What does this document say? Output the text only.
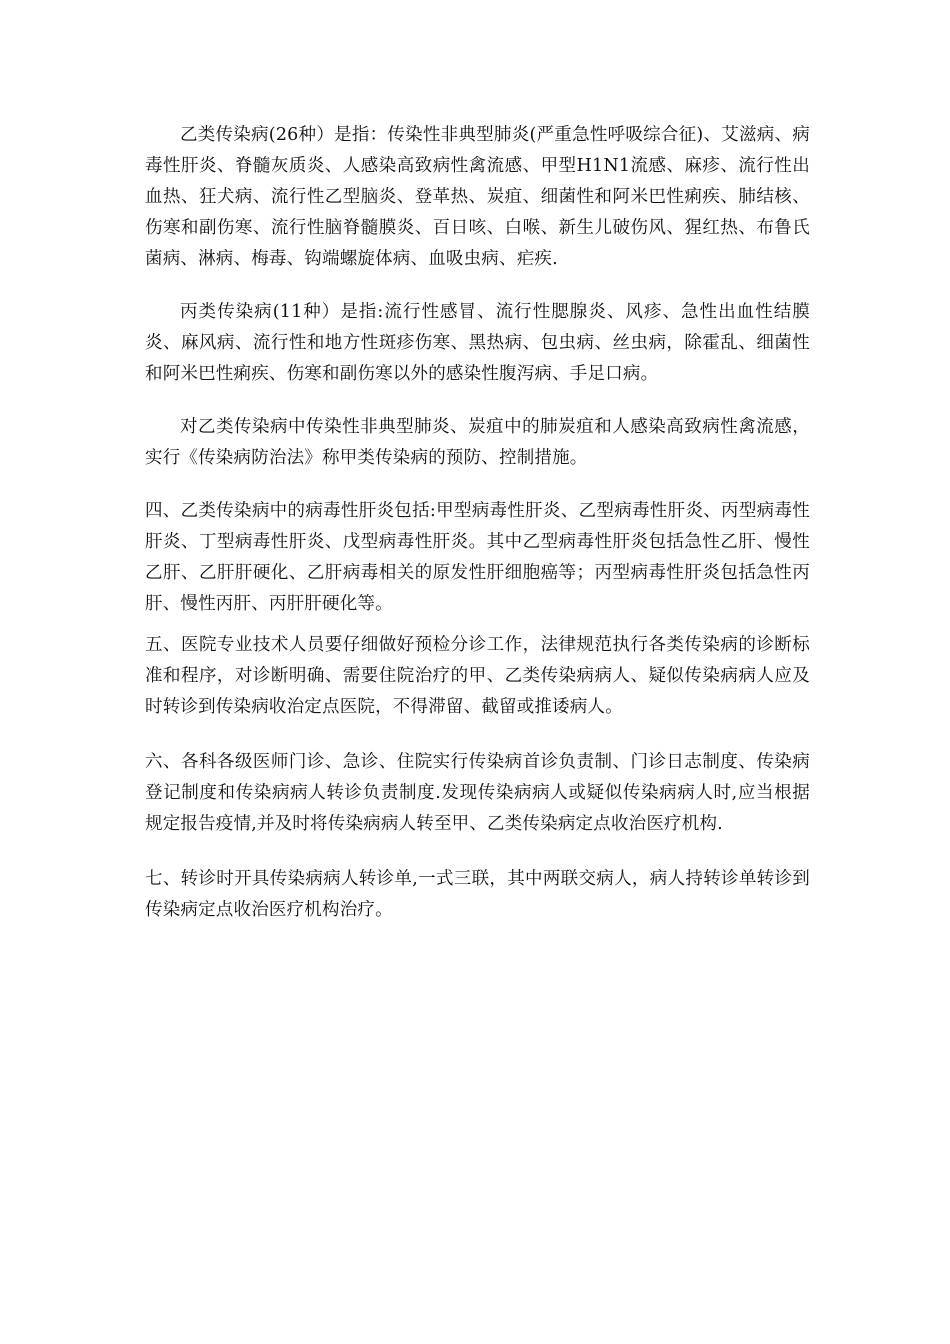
乙类传染病(26种）是指：传染性非典型肺炎(严重急性呼吸综合征)、艾滋病、病毒性肝炎、脊髓灰质炎、人感染高致病性禽流感、甲型H1N1流感、麻疹、流行性出血热、狂犬病、流行性乙型脑炎、登革热、炭疽、细菌性和阿米巴性痢疾、肺结核、伤寒和副伤寒、流行性脑脊髓膜炎、百日咳、白喉、新生儿破伤风、猩红热、布鲁氏菌病、淋病、梅毒、钩端螺旋体病、血吸虫病、疟疾.

丙类传染病(11种）是指:流行性感冒、流行性腮腺炎、风疹、急性出血性结膜炎、麻风病、流行性和地方性斑疹伤寒、黑热病、包虫病、丝虫病，除霍乱、细菌性和阿米巴性痢疾、伤寒和副伤寒以外的感染性腹泻病、手足口病。

对乙类传染病中传染性非典型肺炎、炭疽中的肺炭疽和人感染高致病性禽流感，实行《传染病防治法》称甲类传染病的预防、控制措施。

四、乙类传染病中的病毒性肝炎包括:甲型病毒性肝炎、乙型病毒性肝炎、丙型病毒性肝炎、丁型病毒性肝炎、戊型病毒性肝炎。其中乙型病毒性肝炎包括急性乙肝、慢性乙肝、乙肝肝硬化、乙肝病毒相关的原发性肝细胞癌等；丙型病毒性肝炎包括急性丙肝、慢性丙肝、丙肝肝硬化等。

五、医院专业技术人员要仔细做好预检分诊工作，法律规范执行各类传染病的诊断标准和程序，对诊断明确、需要住院治疗的甲、乙类传染病病人、疑似传染病病人应及时转诊到传染病收治定点医院，不得滞留、截留或推诿病人。

六、各科各级医师门诊、急诊、住院实行传染病首诊负责制、门诊日志制度、传染病登记制度和传染病病人转诊负责制度.发现传染病病人或疑似传染病病人时,应当根据规定报告疫情,并及时将传染病病人转至甲、乙类传染病定点收治医疗机构.

七、转诊时开具传染病病人转诊单,一式三联，其中两联交病人，病人持转诊单转诊到传染病定点收治医疗机构治疗。
